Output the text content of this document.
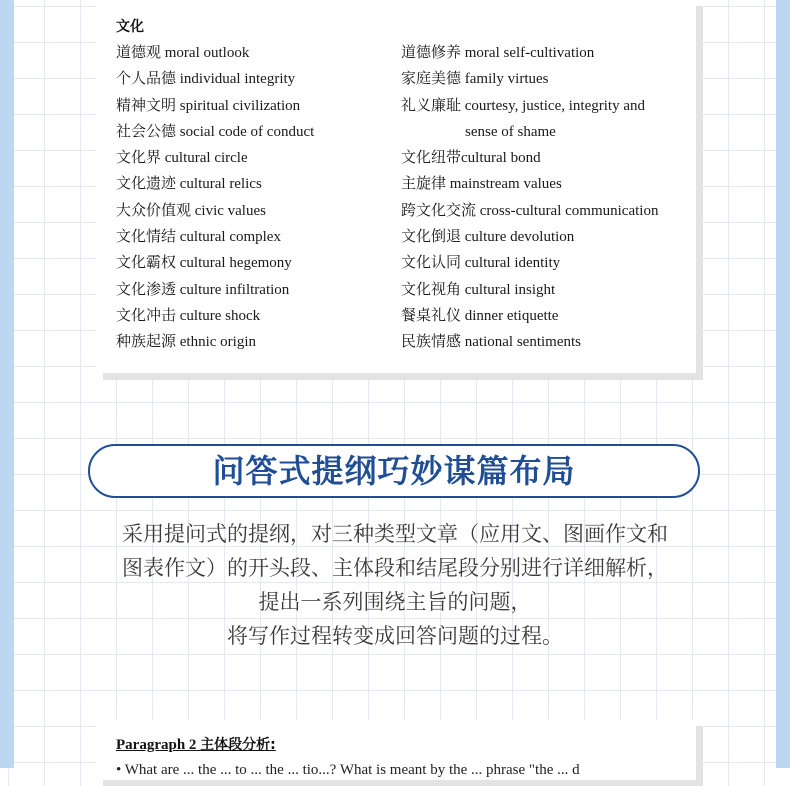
文化
道德观 moral outlook
个人品德 individual integrity
精神文明 spiritual civilization
社会公德 social code of conduct
文化界 cultural circle
文化遗迹 cultural relics
大众价值观 civic values
文化情结 cultural complex
文化霸权 cultural hegemony
文化渗透 culture infiltration
文化冲击 culture shock
种族起源 ethnic origin
道德修养 moral self-cultivation
家庭美德 family virtues
礼义廉耻 courtesy, justice, integrity and
sense of shame
文化纽带cultural bond
主旋律 mainstream values
跨文化交流 cross-cultural communication
文化倒退 culture devolution
文化认同 cultural identity
文化视角 cultural insight
餐桌礼仪 dinner etiquette
民族情感 national sentiments
问答式提纲巧妙谋篇布局
采用提问式的提纲，对三种类型文章（应用文、图画作文和
图表作文）的开头段、主体段和结尾段分别进行详细解析，
提出一系列围绕主旨的问题，
将写作过程转变成回答问题的过程。
Paragraph 2 主体段分析:
• What are ... the ... to ... the ... tio...? What is meant by the ... phrase "the ... d
